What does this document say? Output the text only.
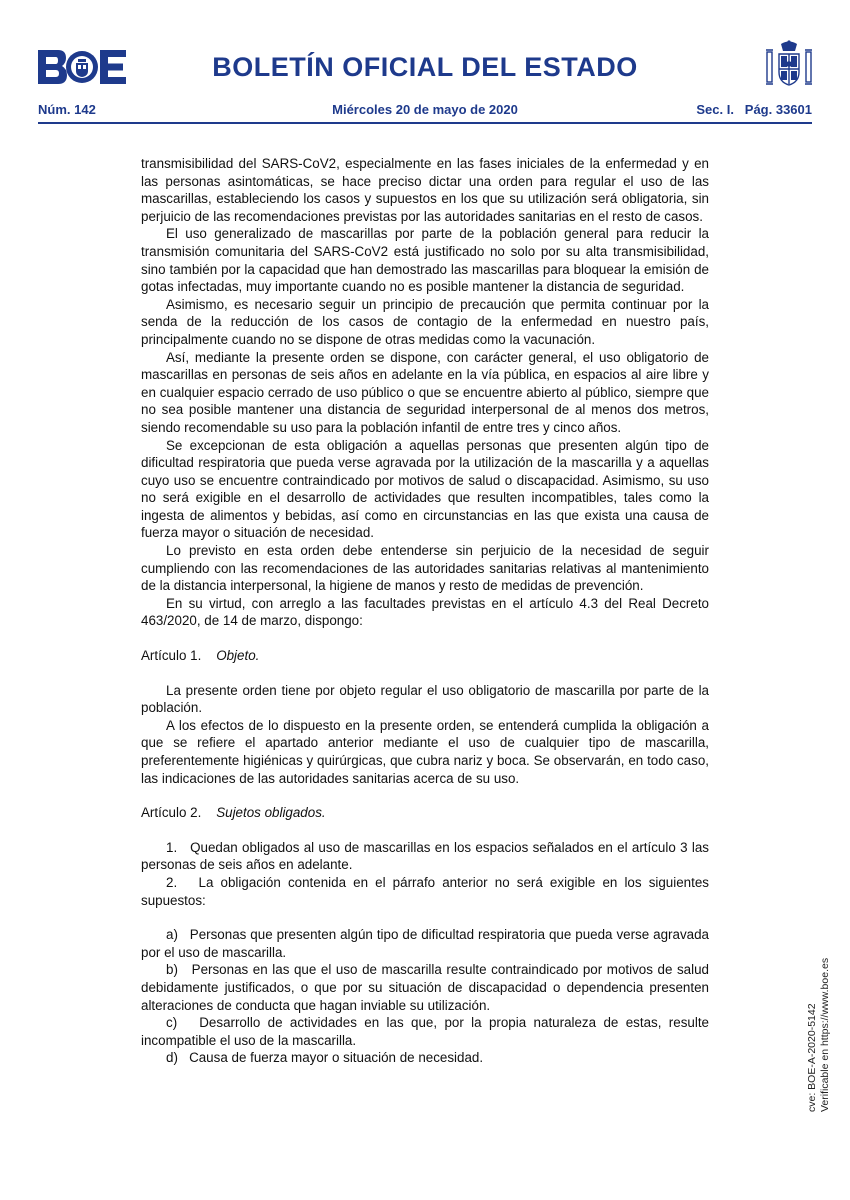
BOLETÍN OFICIAL DEL ESTADO
Núm. 142	Miércoles 20 de mayo de 2020	Sec. I.   Pág. 33601

transmisibilidad del SARS-CoV2, especialmente en las fases iniciales de la enfermedad y en las personas asintomáticas, se hace preciso dictar una orden para regular el uso de las mascarillas, estableciendo los casos y supuestos en los que su utilización será obligatoria, sin perjuicio de las recomendaciones previstas por las autoridades sanitarias en el resto de casos.

El uso generalizado de mascarillas por parte de la población general para reducir la transmisión comunitaria del SARS-CoV2 está justificado no solo por su alta transmisibilidad, sino también por la capacidad que han demostrado las mascarillas para bloquear la emisión de gotas infectadas, muy importante cuando no es posible mantener la distancia de seguridad.

Asimismo, es necesario seguir un principio de precaución que permita continuar por la senda de la reducción de los casos de contagio de la enfermedad en nuestro país, principalmente cuando no se dispone de otras medidas como la vacunación.

Así, mediante la presente orden se dispone, con carácter general, el uso obligatorio de mascarillas en personas de seis años en adelante en la vía pública, en espacios al aire libre y en cualquier espacio cerrado de uso público o que se encuentre abierto al público, siempre que no sea posible mantener una distancia de seguridad interpersonal de al menos dos metros, siendo recomendable su uso para la población infantil de entre tres y cinco años.

Se excepcionan de esta obligación a aquellas personas que presenten algún tipo de dificultad respiratoria que pueda verse agravada por la utilización de la mascarilla y a aquellas cuyo uso se encuentre contraindicado por motivos de salud o discapacidad. Asimismo, su uso no será exigible en el desarrollo de actividades que resulten incompatibles, tales como la ingesta de alimentos y bebidas, así como en circunstancias en las que exista una causa de fuerza mayor o situación de necesidad.

Lo previsto en esta orden debe entenderse sin perjuicio de la necesidad de seguir cumpliendo con las recomendaciones de las autoridades sanitarias relativas al mantenimiento de la distancia interpersonal, la higiene de manos y resto de medidas de prevención.

En su virtud, con arreglo a las facultades previstas en el artículo 4.3 del Real Decreto 463/2020, de 14 de marzo, dispongo:

Artículo 1. Objeto.

La presente orden tiene por objeto regular el uso obligatorio de mascarilla por parte de la población.

A los efectos de lo dispuesto en la presente orden, se entenderá cumplida la obligación a que se refiere el apartado anterior mediante el uso de cualquier tipo de mascarilla, preferentemente higiénicas y quirúrgicas, que cubra nariz y boca. Se observarán, en todo caso, las indicaciones de las autoridades sanitarias acerca de su uso.

Artículo 2. Sujetos obligados.

1.   Quedan obligados al uso de mascarillas en los espacios señalados en el artículo 3 las personas de seis años en adelante.

2.   La obligación contenida en el párrafo anterior no será exigible en los siguientes supuestos:

a)   Personas que presenten algún tipo de dificultad respiratoria que pueda verse agravada por el uso de mascarilla.

b)   Personas en las que el uso de mascarilla resulte contraindicado por motivos de salud debidamente justificados, o que por su situación de discapacidad o dependencia presenten alteraciones de conducta que hagan inviable su utilización.

c)   Desarrollo de actividades en las que, por la propia naturaleza de estas, resulte incompatible el uso de la mascarilla.

d)   Causa de fuerza mayor o situación de necesidad.	cve: BOE-A-2020-5142 Verificable en https://www.boe.es
